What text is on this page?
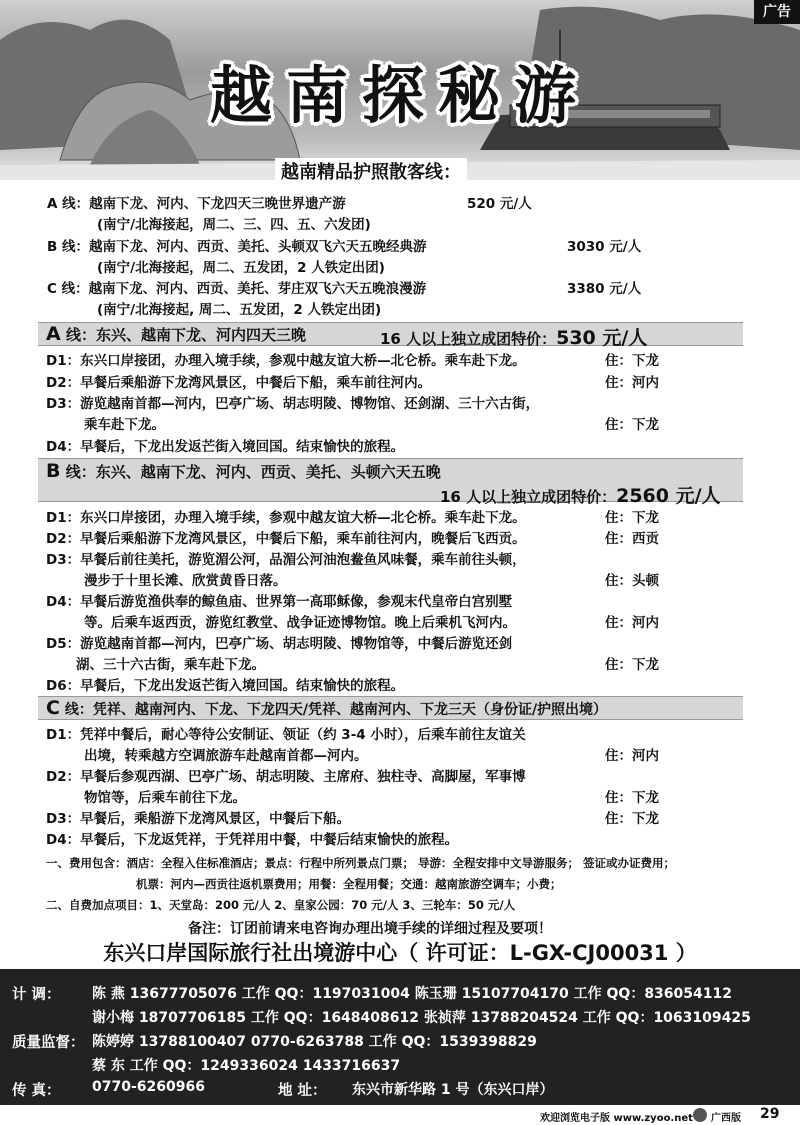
广告
越南探秘游
越南精品护照散客线：
A 线：越南下龙、河内、下龙四天三晚世界遗产游	520 元/人
(南宁/北海接起，周二、三、四、五、六发团)
B 线：越南下龙、河内、西贡、美托、头顿双飞六天五晚经典游	3030 元/人
(南宁/北海接起，周二、五发团，2 人铁定出团)
C 线：越南下龙、河内、西贡、美托、芽庄双飞六天五晚浪漫游	3380 元/人
(南宁/北海接起, 周二、五发团，2 人铁定出团)
A 线：东兴、越南下龙、河内四天三晚	16 人以上独立成团特价：530 元/人
D1：东兴口岸接团，办理入境手续，参观中越友谊大桥—北仑桥。乘车赴下龙。	住：下龙
D2：早餐后乘船游下龙湾风景区，中餐后下船，乘车前往河内。	住：河内
D3：游览越南首都—河内，巴亭广场、胡志明陵、博物馆、还剑湖、三十六古街，
乘车赴下龙。	住：下龙
D4：早餐后，下龙出发返芒街入境回国。结束愉快的旅程。
B 线：东兴、越南下龙、河内、西贡、美托、头顿六天五晚
16 人以上独立成团特价：2560 元/人
D1：东兴口岸接团，办理入境手续，参观中越友谊大桥—北仑桥。乘车赴下龙。	住：下龙
D2：早餐后乘船游下龙湾风景区，中餐后下船，乘车前往河内，晚餐后飞西贡。	住：西贡
D3：早餐后前往美托，游览湄公河，品湄公河油泡鲞鱼风味餐，乘车前往头顿，
漫步于十里长滩、欣赏黄昏日落。	住：头顿
D4：早餐后游览渔供奉的鲸鱼庙、世界第一高耶稣像，参观末代皇帝白宫别墅
等。后乘车返西贡，游览红教堂、战争证迹博物馆。晚上后乘机飞河内。	住：河内
D5：游览越南首都—河内，巴亭广场、胡志明陵、博物馆等，中餐后游览还剑
湖、三十六古街，乘车赴下龙。	住：下龙
D6：早餐后，下龙出发返芒街入境回国。结束愉快的旅程。
C 线：凭祥、越南河内、下龙、下龙四天/凭祥、越南河内、下龙三天（身份证/护照出境）
D1：凭祥中餐后，耐心等待公安制证、领证（约 3-4 小时），后乘车前往友谊关
出境，转乘越方空调旅游车赴越南首都—河内。	住：河内
D2：早餐后参观西湖、巴亭广场、胡志明陵、主席府、独柱寺、高脚屋，军事博
物馆等，后乘车前往下龙。	住：下龙
D3：早餐后，乘船游下龙湾风景区，中餐后下船。	住：下龙
D4：早餐后，下龙返凭祥，于凭祥用中餐，中餐后结束愉快的旅程。
一、费用包含：酒店：全程入住标准酒店；景点：行程中所列景点门票； 导游：全程安排中文导游服务； 签证或办证费用；
机票：河内—西贡往返机票费用；用餐：全程用餐；交通：越南旅游空调车；小费；
二、自费加点项目：1、天堂岛：200 元/人 2、皇家公园：70 元/人 3、三轮车：50 元/人
备注：订团前请来电咨询办理出境手续的详细过程及要项！
东兴口岸国际旅行社出境游中心（ 许可证：L-GX-CJ00031 ）
计 调： 陈 燕 13677705076 工作 QQ：1197031004 陈玉珊 15107704170 工作 QQ：836054112
谢小梅 18707706185 工作 QQ：1648408612 张祯萍 13788204524 工作 QQ：1063109425
质量监督： 陈婷婷 13788100407 0770-6263788 工作 QQ：1539398829
蔡 东 工作 QQ：1249336024 1433716637
传 真： 0770-6260966	地 址： 东兴市新华路 1 号（东兴口岸）
欢迎浏览电子版 www.zyoo.net 广西版 29
